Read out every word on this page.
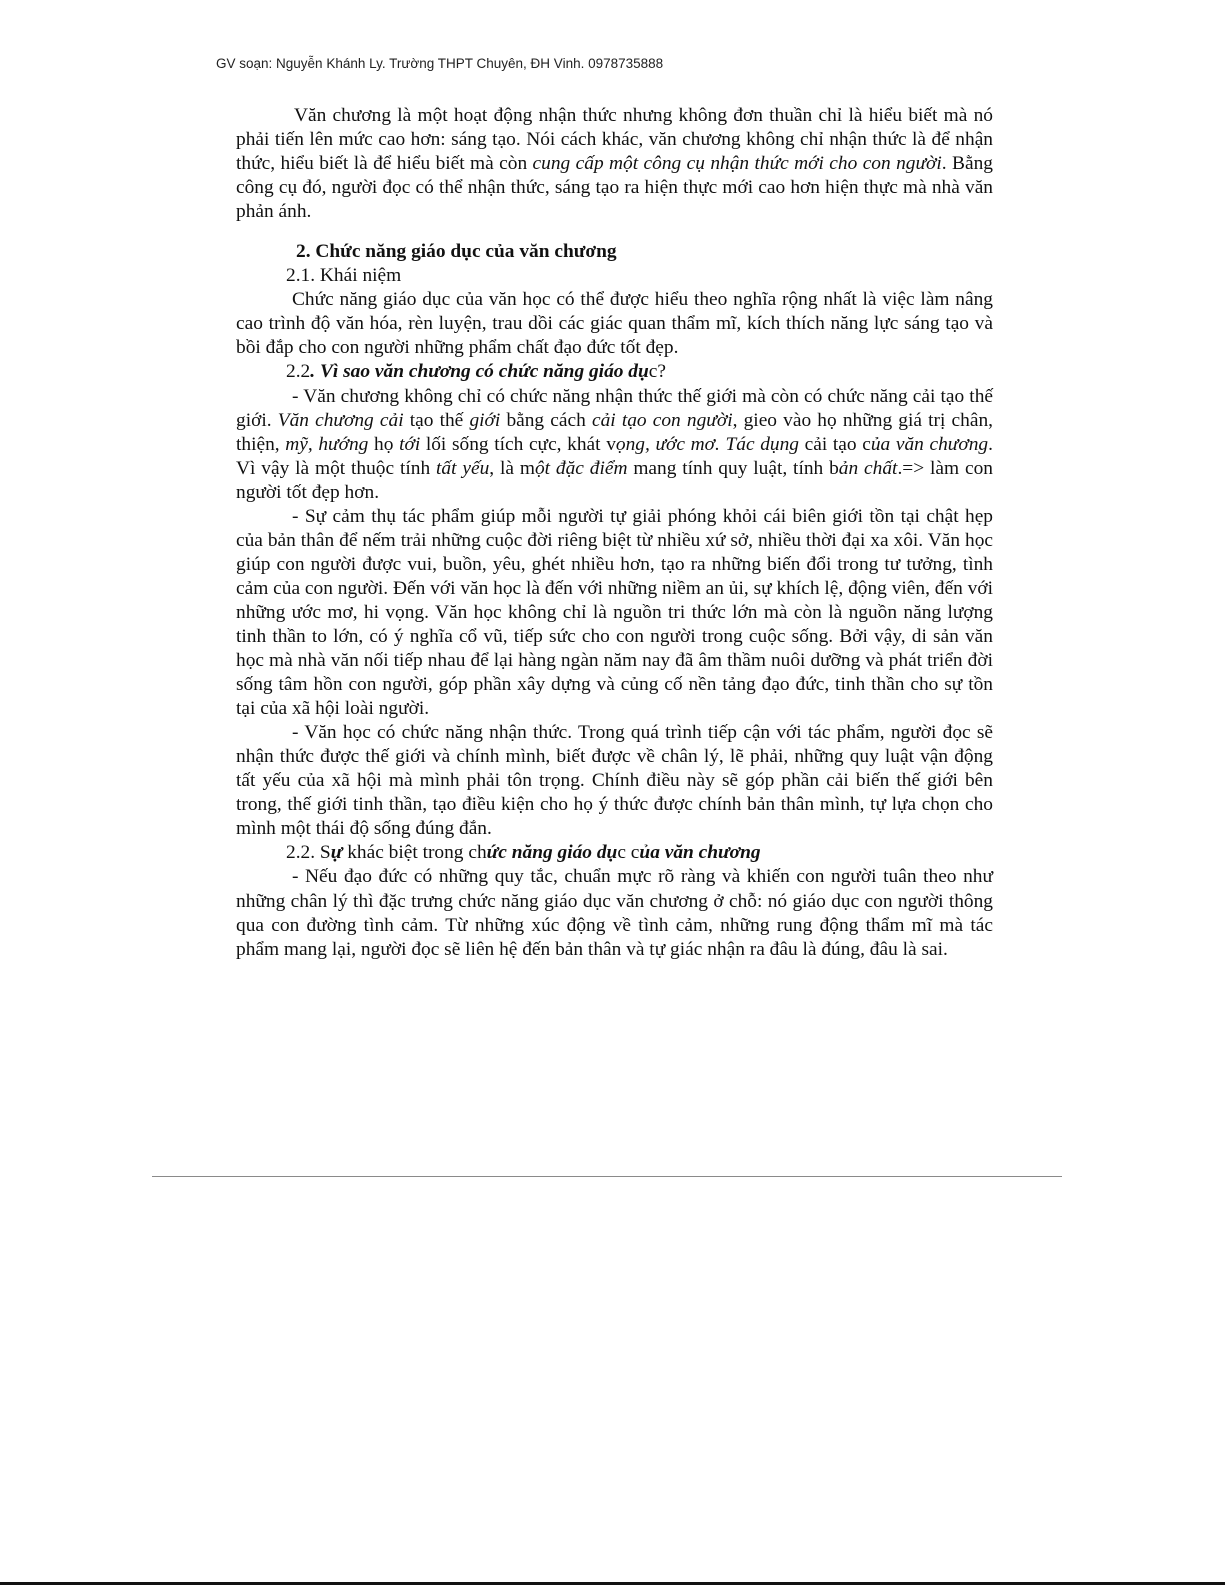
GV soạn: Nguyễn Khánh Ly. Trường THPT Chuyên, ĐH Vinh. 0978735888

Văn chương là một hoạt động nhận thức nhưng không đơn thuần chỉ là hiểu biết mà nó phải tiến lên mức cao hơn: sáng tạo. Nói cách khác, văn chương không chỉ nhận thức là để nhận thức, hiểu biết là để hiểu biết mà còn cung cấp một công cụ nhận thức mới cho con người. Bằng công cụ đó, người đọc có thể nhận thức, sáng tạo ra hiện thực mới cao hơn hiện thực mà nhà văn phản ánh.

2. Chức năng giáo dục của văn chương

2.1. Khái niệm

Chức năng giáo dục của văn học có thể được hiểu theo nghĩa rộng nhất là việc làm nâng cao trình độ văn hóa, rèn luyện, trau dồi các giác quan thẩm mĩ, kích thích năng lực sáng tạo và bồi đắp cho con người những phẩm chất đạo đức tốt đẹp.

2.2. Vì sao văn chương có chức năng giáo dục?

- Văn chương không chỉ có chức năng nhận thức thế giới mà còn có chức năng cải tạo thế giới. Văn chương cải tạo thế giới bằng cách cải tạo con người, gieo vào họ những giá trị chân, thiện, mỹ, hướng họ tới lối sống tích cực, khát vọng, ước mơ. Tác dụng cải tạo của văn chương. Vì vậy là một thuộc tính tất yếu, là một đặc điểm mang tính quy luật, tính bản chất.=> làm con người tốt đẹp hơn.

- Sự cảm thụ tác phẩm giúp mỗi người tự giải phóng khỏi cái biên giới tồn tại chật hẹp của bản thân để nếm trải những cuộc đời riêng biệt từ nhiều xứ sở, nhiều thời đại xa xôi. Văn học giúp con người được vui, buồn, yêu, ghét nhiều hơn, tạo ra những biến đổi trong tư tưởng, tình cảm của con người. Đến với văn học là đến với những niềm an ủi, sự khích lệ, động viên, đến với những ước mơ, hi vọng. Văn học không chỉ là nguồn tri thức lớn mà còn là nguồn năng lượng tinh thần to lớn, có ý nghĩa cổ vũ, tiếp sức cho con người trong cuộc sống. Bởi vậy, di sản văn học mà nhà văn nối tiếp nhau để lại hàng ngàn năm nay đã âm thầm nuôi dưỡng và phát triển đời sống tâm hồn con người, góp phần xây dựng và củng cố nền tảng đạo đức, tinh thần cho sự tồn tại của xã hội loài người.

- Văn học có chức năng nhận thức. Trong quá trình tiếp cận với tác phẩm, người đọc sẽ nhận thức được thế giới và chính mình, biết được về chân lý, lẽ phải, những quy luật vận động tất yếu của xã hội mà mình phải tôn trọng. Chính điều này sẽ góp phần cải biến thế giới bên trong, thế giới tinh thần, tạo điều kiện cho họ ý thức được chính bản thân mình, tự lựa chọn cho mình một thái độ sống đúng đắn.

2.2. Sự khác biệt trong chức năng giáo dục của văn chương

- Nếu đạo đức có những quy tắc, chuẩn mực rõ ràng và khiến con người tuân theo như những chân lý thì đặc trưng chức năng giáo dục văn chương ở chỗ: nó giáo dục con người thông qua con đường tình cảm. Từ những xúc động về tình cảm, những rung động thẩm mĩ mà tác phẩm mang lại, người đọc sẽ liên hệ đến bản thân và tự giác nhận ra đâu là đúng, đâu là sai.
